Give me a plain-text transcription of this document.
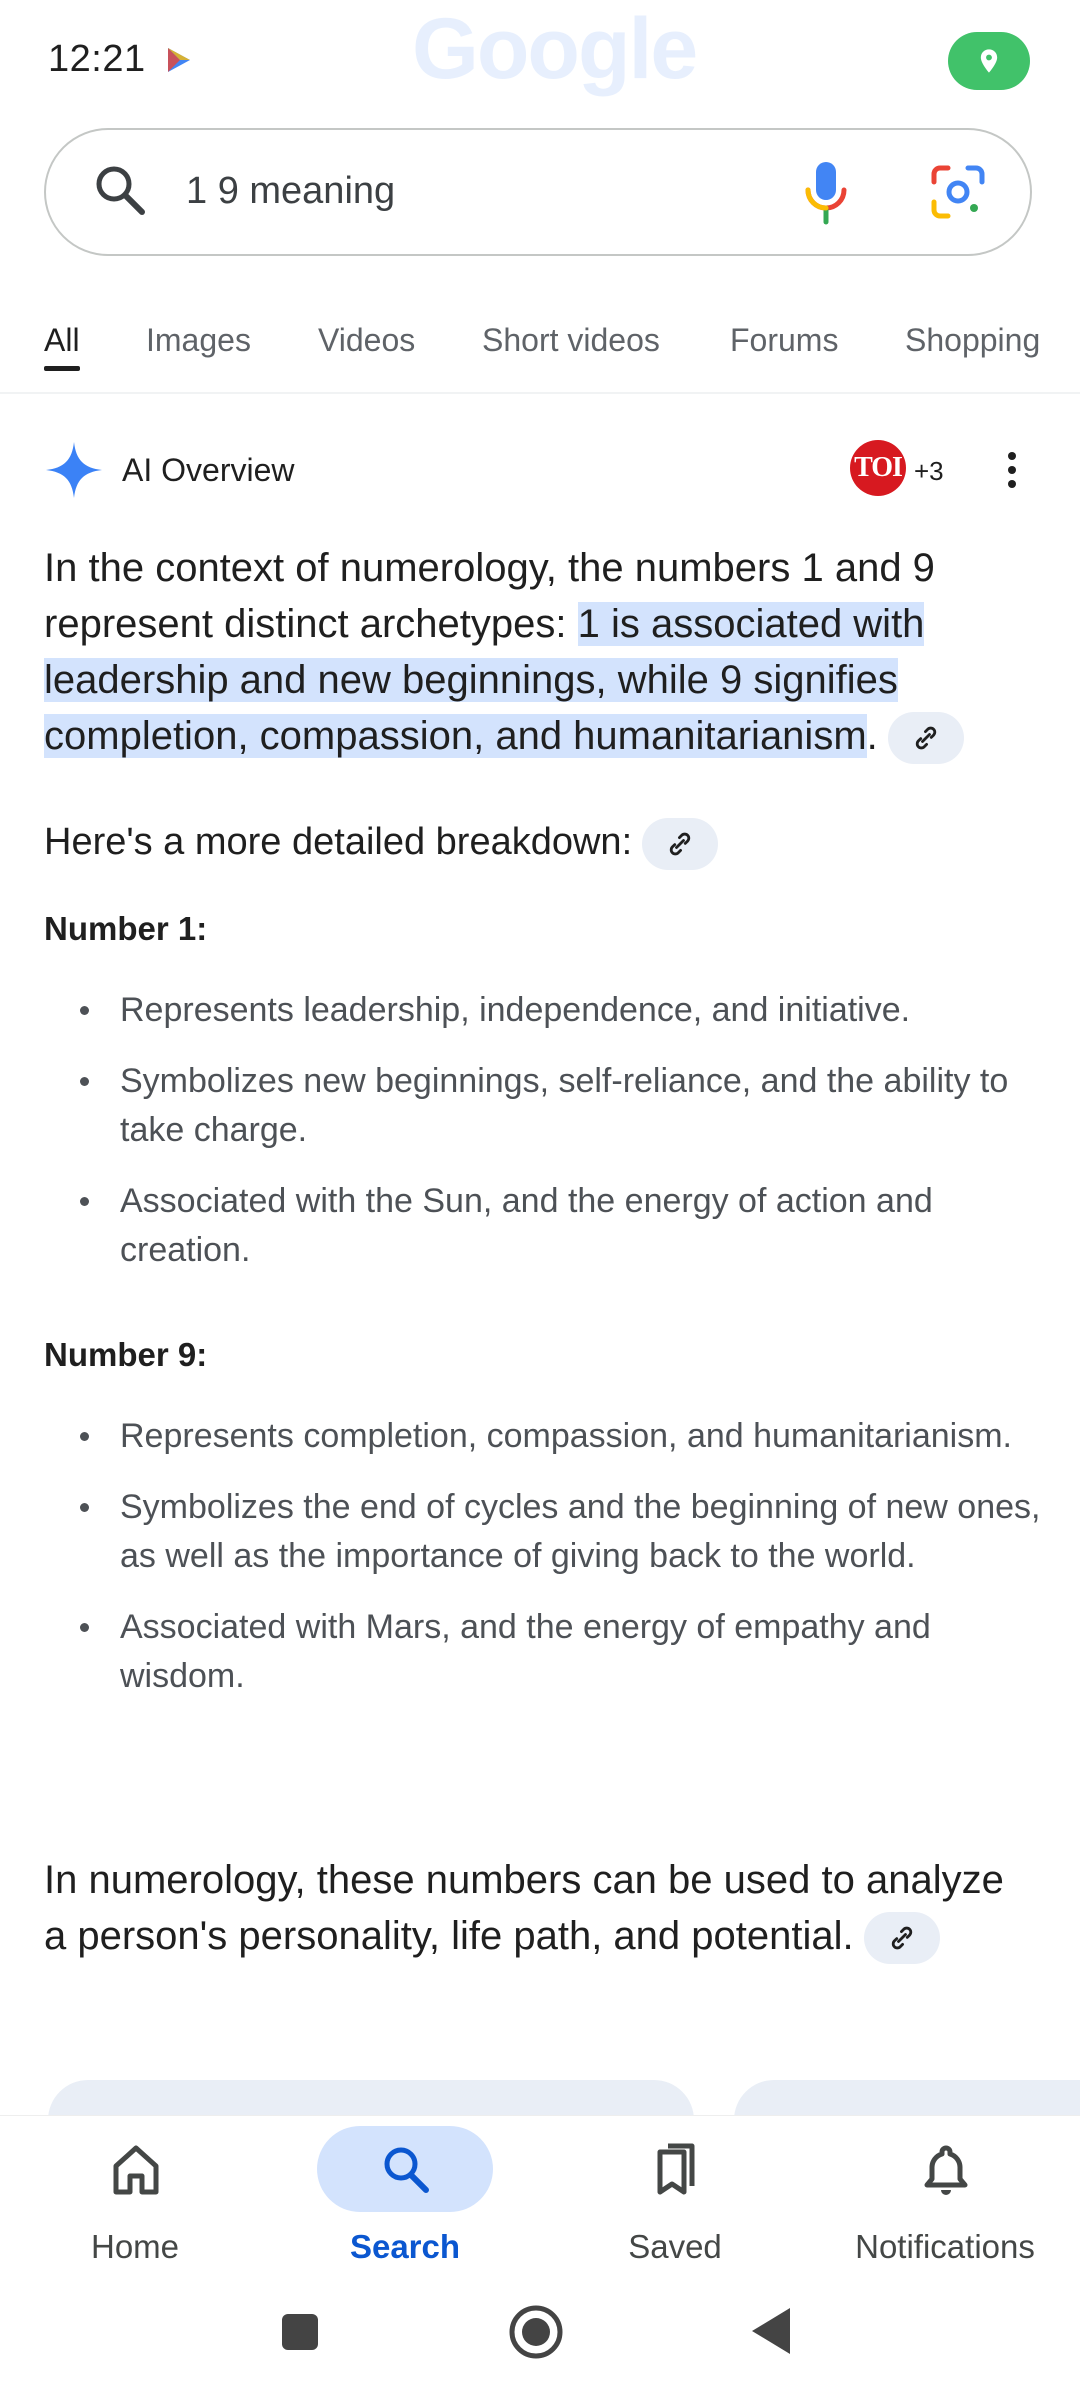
12:21	Google
1 9 meaning
All Images Videos Short videos Forums Shopping
AI Overview	TOI +3
In the context of numerology, the numbers 1 and 9 represent distinct archetypes: 1 is associated with leadership and new beginnings, while 9 signifies completion, compassion, and humanitarianism.
Here's a more detailed breakdown:
Number 1:
Represents leadership, independence, and initiative.
Symbolizes new beginnings, self-reliance, and the ability to take charge.
Associated with the Sun, and the energy of action and creation.
Number 9:
Represents completion, compassion, and humanitarianism.
Symbolizes the end of cycles and the beginning of new ones, as well as the importance of giving back to the world.
Associated with Mars, and the energy of empathy and wisdom.
In numerology, these numbers can be used to analyze a person's personality, life path, and potential.
Home	Search	Saved	Notifications
